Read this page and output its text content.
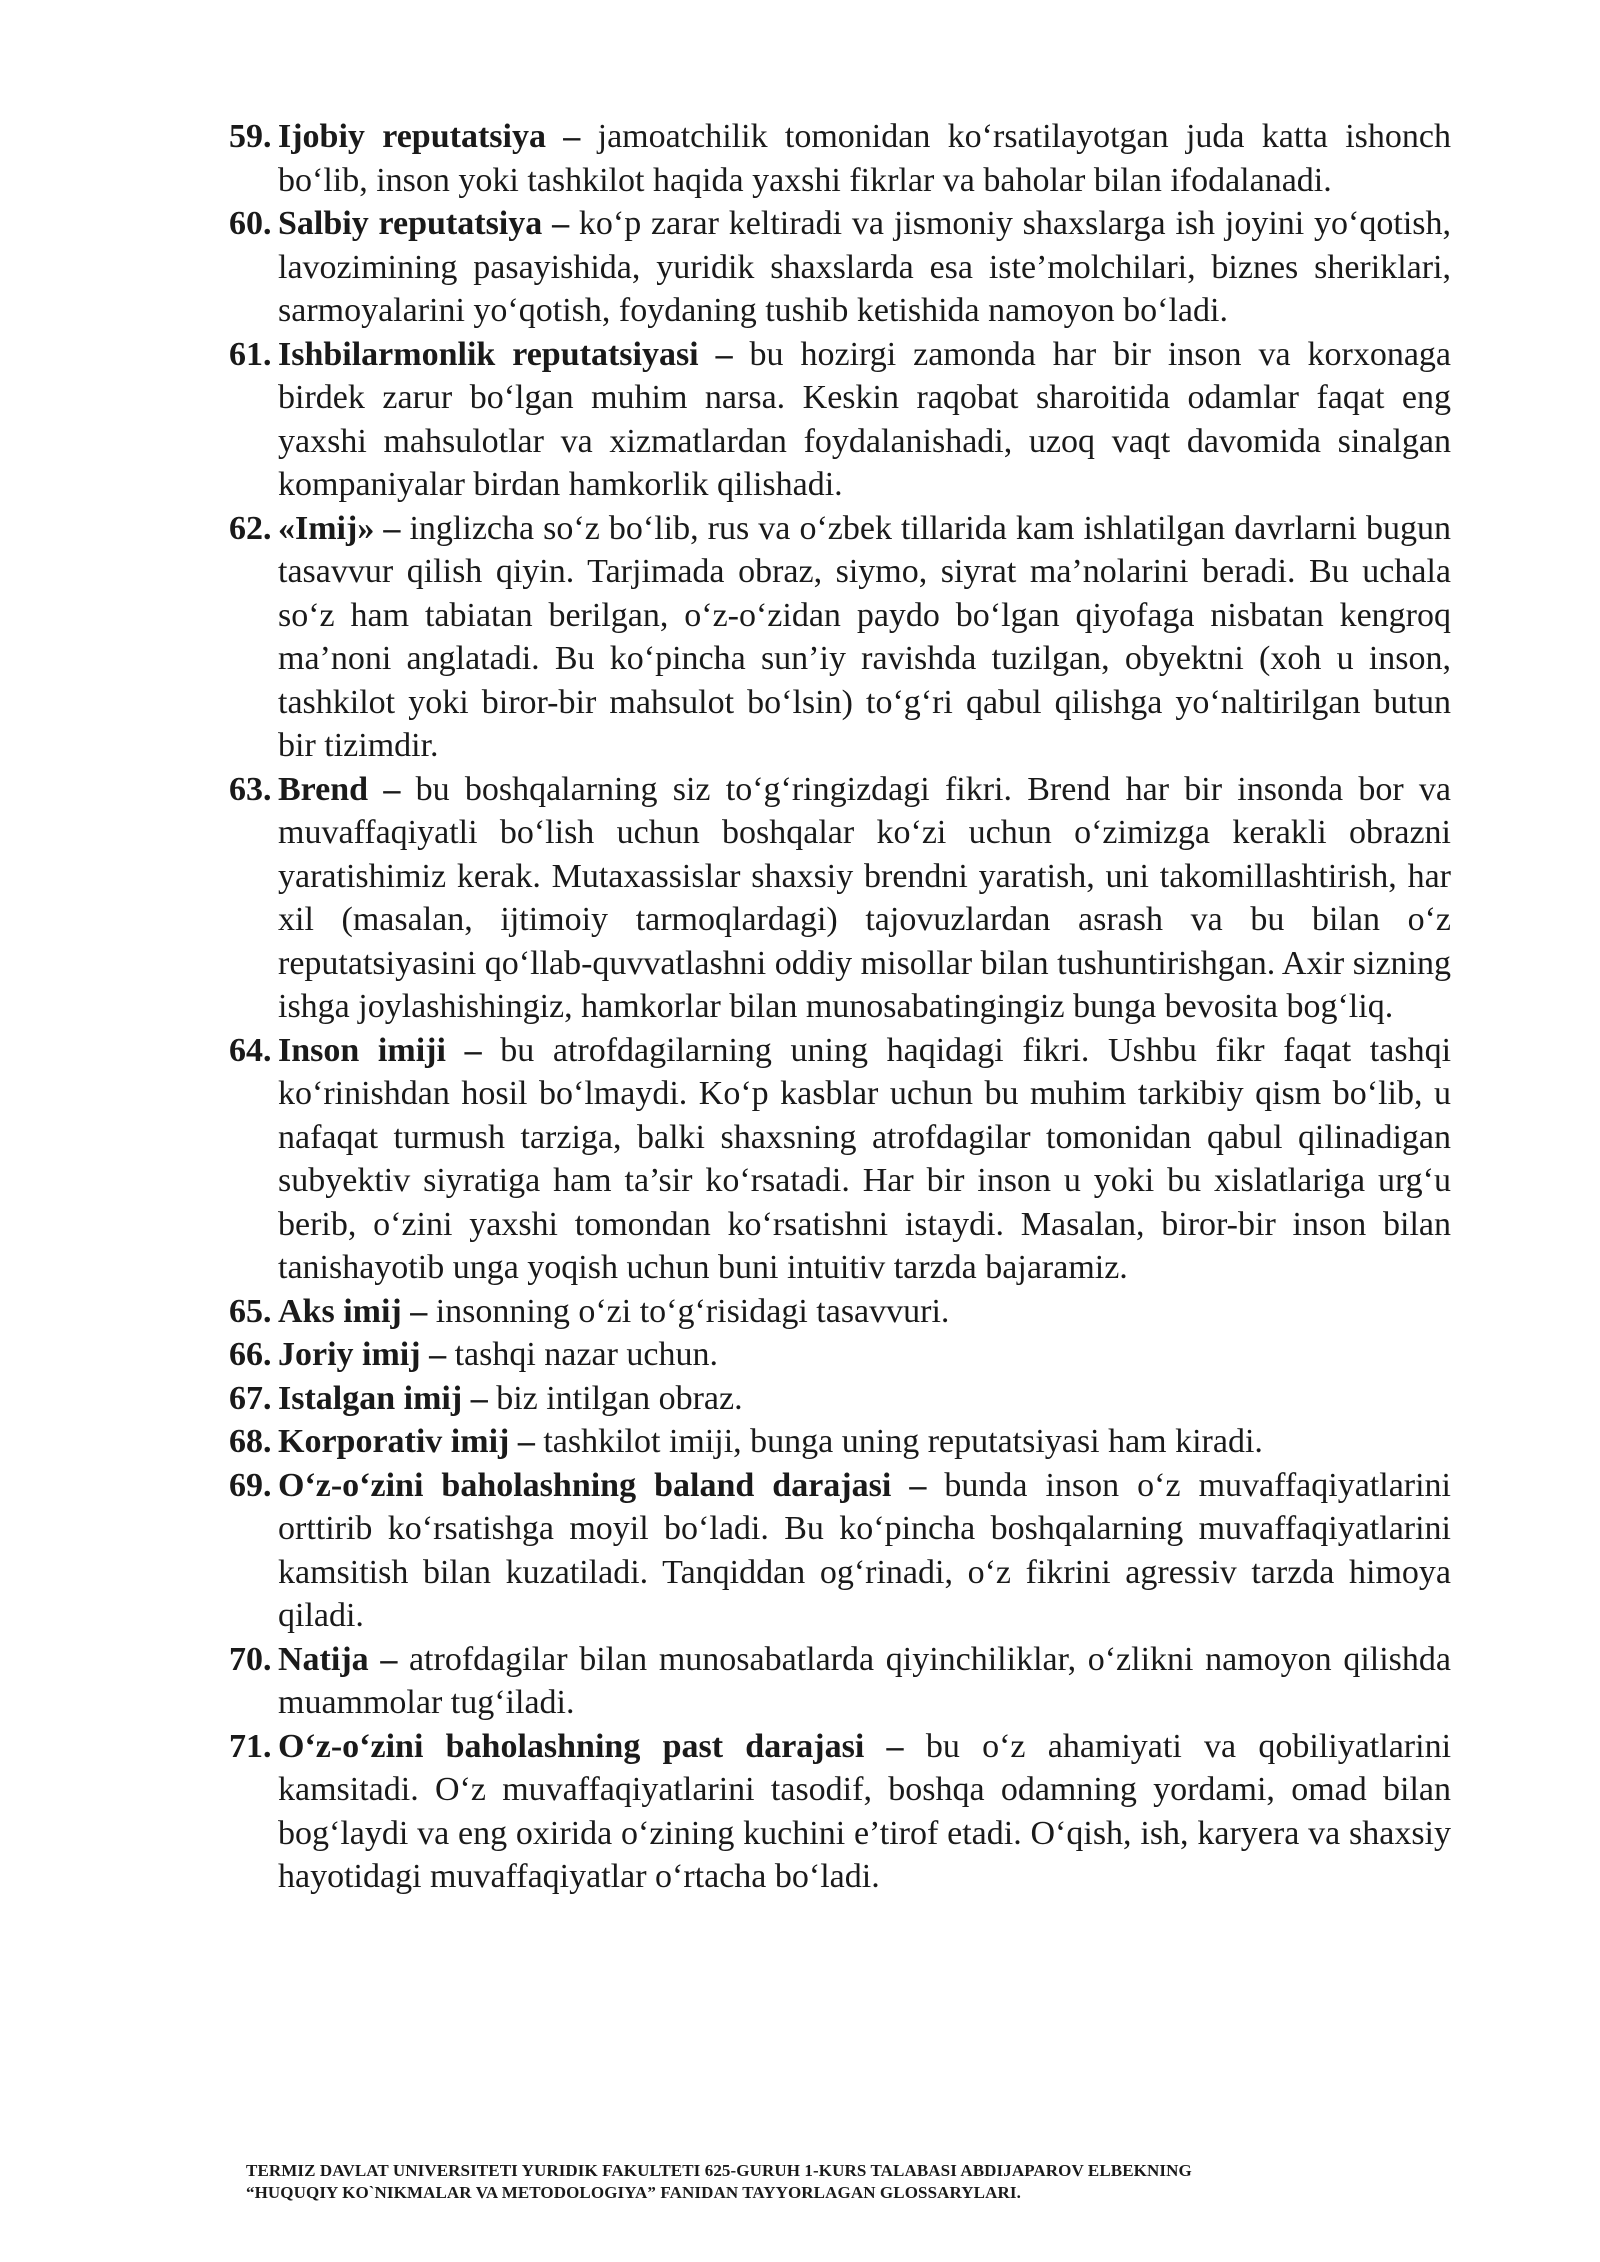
59. Ijobiy reputatsiya – jamoatchilik tomonidan ko‘rsatilayotgan juda katta ishonch bo‘lib, inson yoki tashkilot haqida yaxshi fikrlar va baholar bilan ifodalanadi.
60. Salbiy reputatsiya – ko‘p zarar keltiradi va jismoniy shaxslarga ish joyini yo‘qotish, lavozimining pasayishida, yuridik shaxslarda esa iste’molchilari, biznes sheriklari, sarmoyalarini yo‘qotish, foydaning tushib ketishida namoyon bo‘ladi.
61. Ishbilarmonlik reputatsiyasi – bu hozirgi zamonda har bir inson va korxonaga birdek zarur bo‘lgan muhim narsa. Keskin raqobat sharoitida odamlar faqat eng yaxshi mahsulotlar va xizmatlardan foydalanishadi, uzoq vaqt davomida sinalgan kompaniyalar birdan hamkorlik qilishadi.
62. «Imij» – inglizcha so‘z bo‘lib, rus va o‘zbek tillarida kam ishlatilgan davrlarni bugun tasavvur qilish qiyin. Tarjimada obraz, siymo, siyrat ma’nolarini beradi. Bu uchala so‘z ham tabiatan berilgan, o‘z-o‘zidan paydo bo‘lgan qiyofaga nisbatan kengroq ma’noni anglatadi. Bu ko‘pincha sun’iy ravishda tuzilgan, obyektni (xoh u inson, tashkilot yoki biror-bir mahsulot bo‘lsin) to‘g‘ri qabul qilishga yo‘naltirilgan butun bir tizimdir.
63. Brend – bu boshqalarning siz to‘g‘ringizdagi fikri. Brend har bir insonda bor va muvaffaqiyatli bo‘lish uchun boshqalar ko‘zi uchun o‘zimizga kerakli obrazni yaratishimiz kerak. Mutaxassislar shaxsiy brendni yaratish, uni takomillashtirish, har xil (masalan, ijtimoiy tarmoqlardagi) tajovuzlardan asrash va bu bilan o‘z reputatsiyasini qo‘llab-quvvatlashni oddiy misollar bilan tushuntirishgan. Axir sizning ishga joylashishingiz, hamkorlar bilan munosabatingingiz bunga bevosita bog‘liq.
64. Inson imiji – bu atrofdagilarning uning haqidagi fikri. Ushbu fikr faqat tashqi ko‘rinishdan hosil bo‘lmaydi. Ko‘p kasblar uchun bu muhim tarkibiy qism bo‘lib, u nafaqat turmush tarziga, balki shaxsning atrofdagilar tomonidan qabul qilinadigan subyektiv siyratiga ham ta’sir ko‘rsatadi. Har bir inson u yoki bu xislatlariga urg‘u berib, o‘zini yaxshi tomondan ko‘rsatishni istaydi. Masalan, biror-bir inson bilan tanishayotib unga yoqish uchun buni intuitiv tarzda bajaramiz.
65. Aks imij – insonning o‘zi to‘g‘risidagi tasavvuri.
66. Joriy imij – tashqi nazar uchun.
67. Istalgan imij – biz intilgan obraz.
68. Korporativ imij – tashkilot imiji, bunga uning reputatsiyasi ham kiradi.
69. O‘z-o‘zini baholashning baland darajasi – bunda inson o‘z muvaffaqiyatlarini orttirib ko‘rsatishga moyil bo‘ladi. Bu ko‘pincha boshqalarning muvaffaqiyatlarini kamsitish bilan kuzatiladi. Tanqiddan og‘rinadi, o‘z fikrini agressiv tarzda himoya qiladi.
70. Natija – atrofdagilar bilan munosabatlarda qiyinchiliklar, o‘zlikni namoyon qilishda muammolar tug‘iladi.
71. O‘z-o‘zini baholashning past darajasi – bu o‘z ahamiyati va qobiliyatlarini kamsitadi. O‘z muvaffaqiyatlarini tasodif, boshqa odamning yordami, omad bilan bog‘laydi va eng oxirida o‘zining kuchini e’tirof etadi. O‘qish, ish, karyera va shaxsiy hayotidagi muvaffaqiyatlar o‘rtacha bo‘ladi.
TERMIZ DAVLAT UNIVERSITETI YURIDIK FAKULTETI 625-GURUH 1-KURS TALABASI ABDIJAPAROV ELBEKNING
“HUQUQIY KO`NIKMALAR VA METODOLOGIYA” FANIDAN TAYYORLAGAN GLOSSARYLARI.
